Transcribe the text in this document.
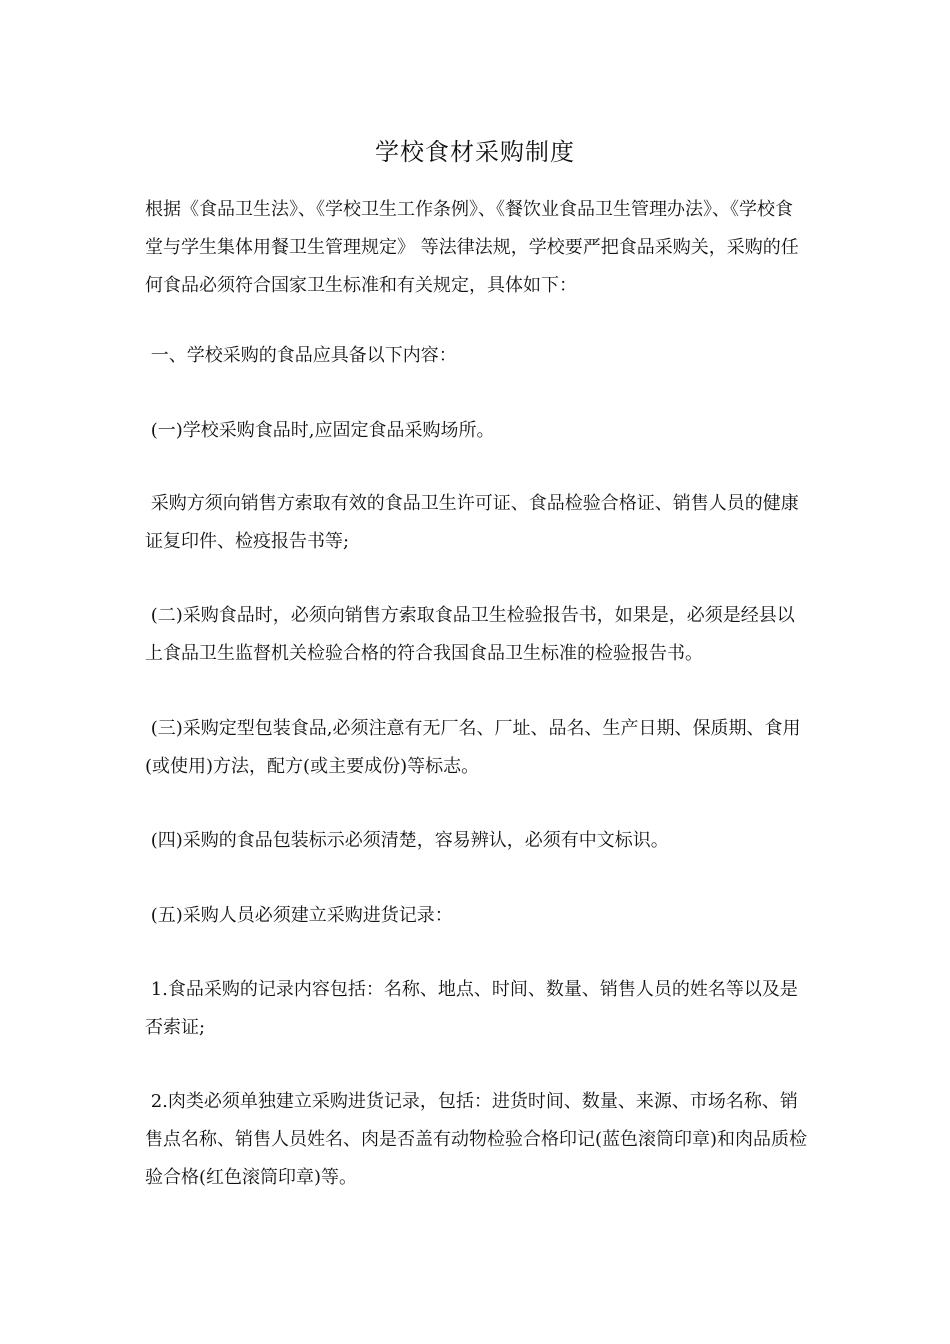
学校食材采购制度
根据《食品卫生法》、《学校卫生工作条例》、《餐饮业食品卫生管理办法》、《学校食堂与学生集体用餐卫生管理规定》 等法律法规，学校要严把食品采购关，采购的任何食品必须符合国家卫生标准和有关规定，具体如下：
一、学校采购的食品应具备以下内容：
(一)学校采购食品时,应固定食品采购场所。
采购方须向销售方索取有效的食品卫生许可证、食品检验合格证、销售人员的健康证复印件、检疫报告书等;
(二)采购食品时，必须向销售方索取食品卫生检验报告书，如果是，必须是经县以上食品卫生监督机关检验合格的符合我国食品卫生标准的检验报告书。
(三)采购定型包装食品,必须注意有无厂名、厂址、品名、生产日期、保质期、食用(或使用)方法，配方(或主要成份)等标志。
(四)采购的食品包装标示必须清楚，容易辨认，必须有中文标识。
(五)采购人员必须建立采购进货记录：
1.食品采购的记录内容包括：名称、地点、时间、数量、销售人员的姓名等以及是否索证;
2.肉类必须单独建立采购进货记录，包括：进货时间、数量、来源、市场名称、销售点名称、销售人员姓名、肉是否盖有动物检验合格印记(蓝色滚筒印章)和肉品质检验合格(红色滚筒印章)等。
